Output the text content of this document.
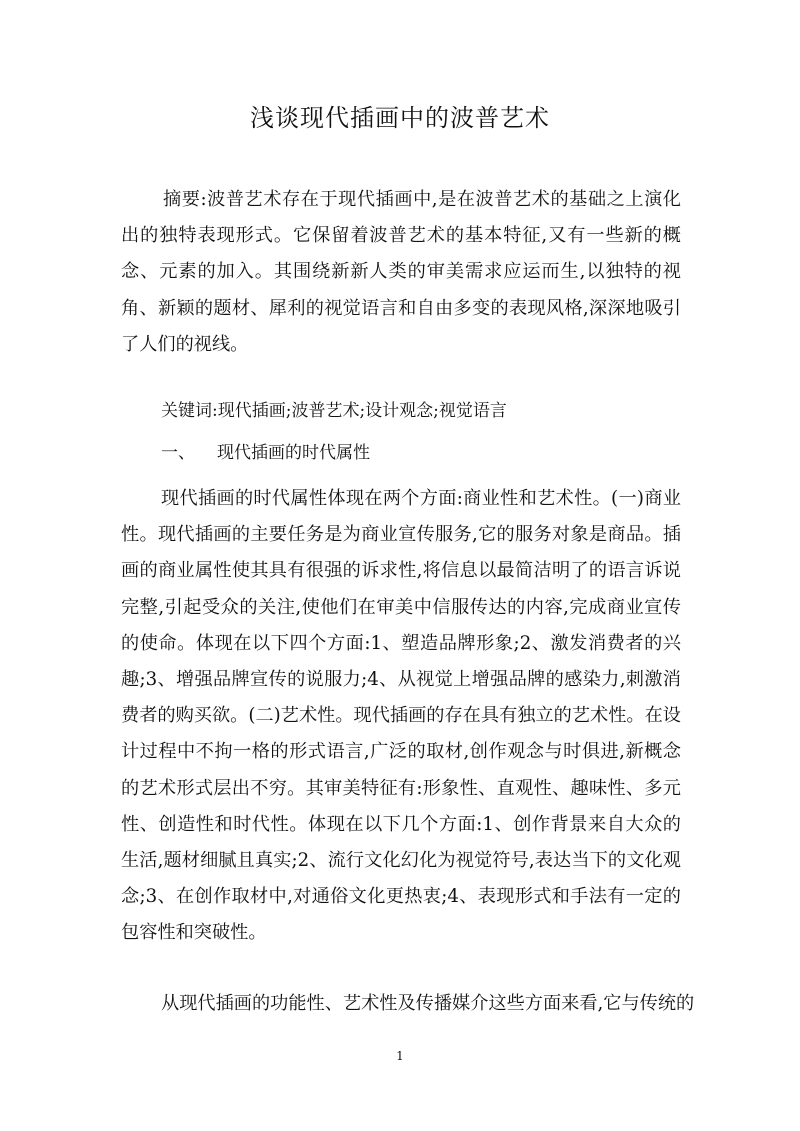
浅谈现代插画中的波普艺术

摘要:波普艺术存在于现代插画中,是在波普艺术的基础之上演化出的独特表现形式。它保留着波普艺术的基本特征,又有一些新的概念、元素的加入。其围绕新新人类的审美需求应运而生,以独特的视角、新颖的题材、犀利的视觉语言和自由多变的表现风格,深深地吸引了人们的视线。

关键词:现代插画;波普艺术;设计观念;视觉语言

一、 现代插画的时代属性

现代插画的时代属性体现在两个方面:商业性和艺术性。(一)商业性。现代插画的主要任务是为商业宣传服务,它的服务对象是商品。插画的商业属性使其具有很强的诉求性,将信息以最简洁明了的语言诉说完整,引起受众的关注,使他们在审美中信服传达的内容,完成商业宣传的使命。体现在以下四个方面:1、塑造品牌形象;2、激发消费者的兴趣;3、增强品牌宣传的说服力;4、从视觉上增强品牌的感染力,刺激消费者的购买欲。(二)艺术性。现代插画的存在具有独立的艺术性。在设计过程中不拘一格的形式语言,广泛的取材,创作观念与时俱进,新概念的艺术形式层出不穷。其审美特征有:形象性、直观性、趣味性、多元性、创造性和时代性。体现在以下几个方面:1、创作背景来自大众的生活,题材细腻且真实;2、流行文化幻化为视觉符号,表达当下的文化观念;3、在创作取材中,对通俗文化更热衷;4、表现形式和手法有一定的包容性和突破性。

从现代插画的功能性、艺术性及传播媒介这些方面来看,它与传统的

1
